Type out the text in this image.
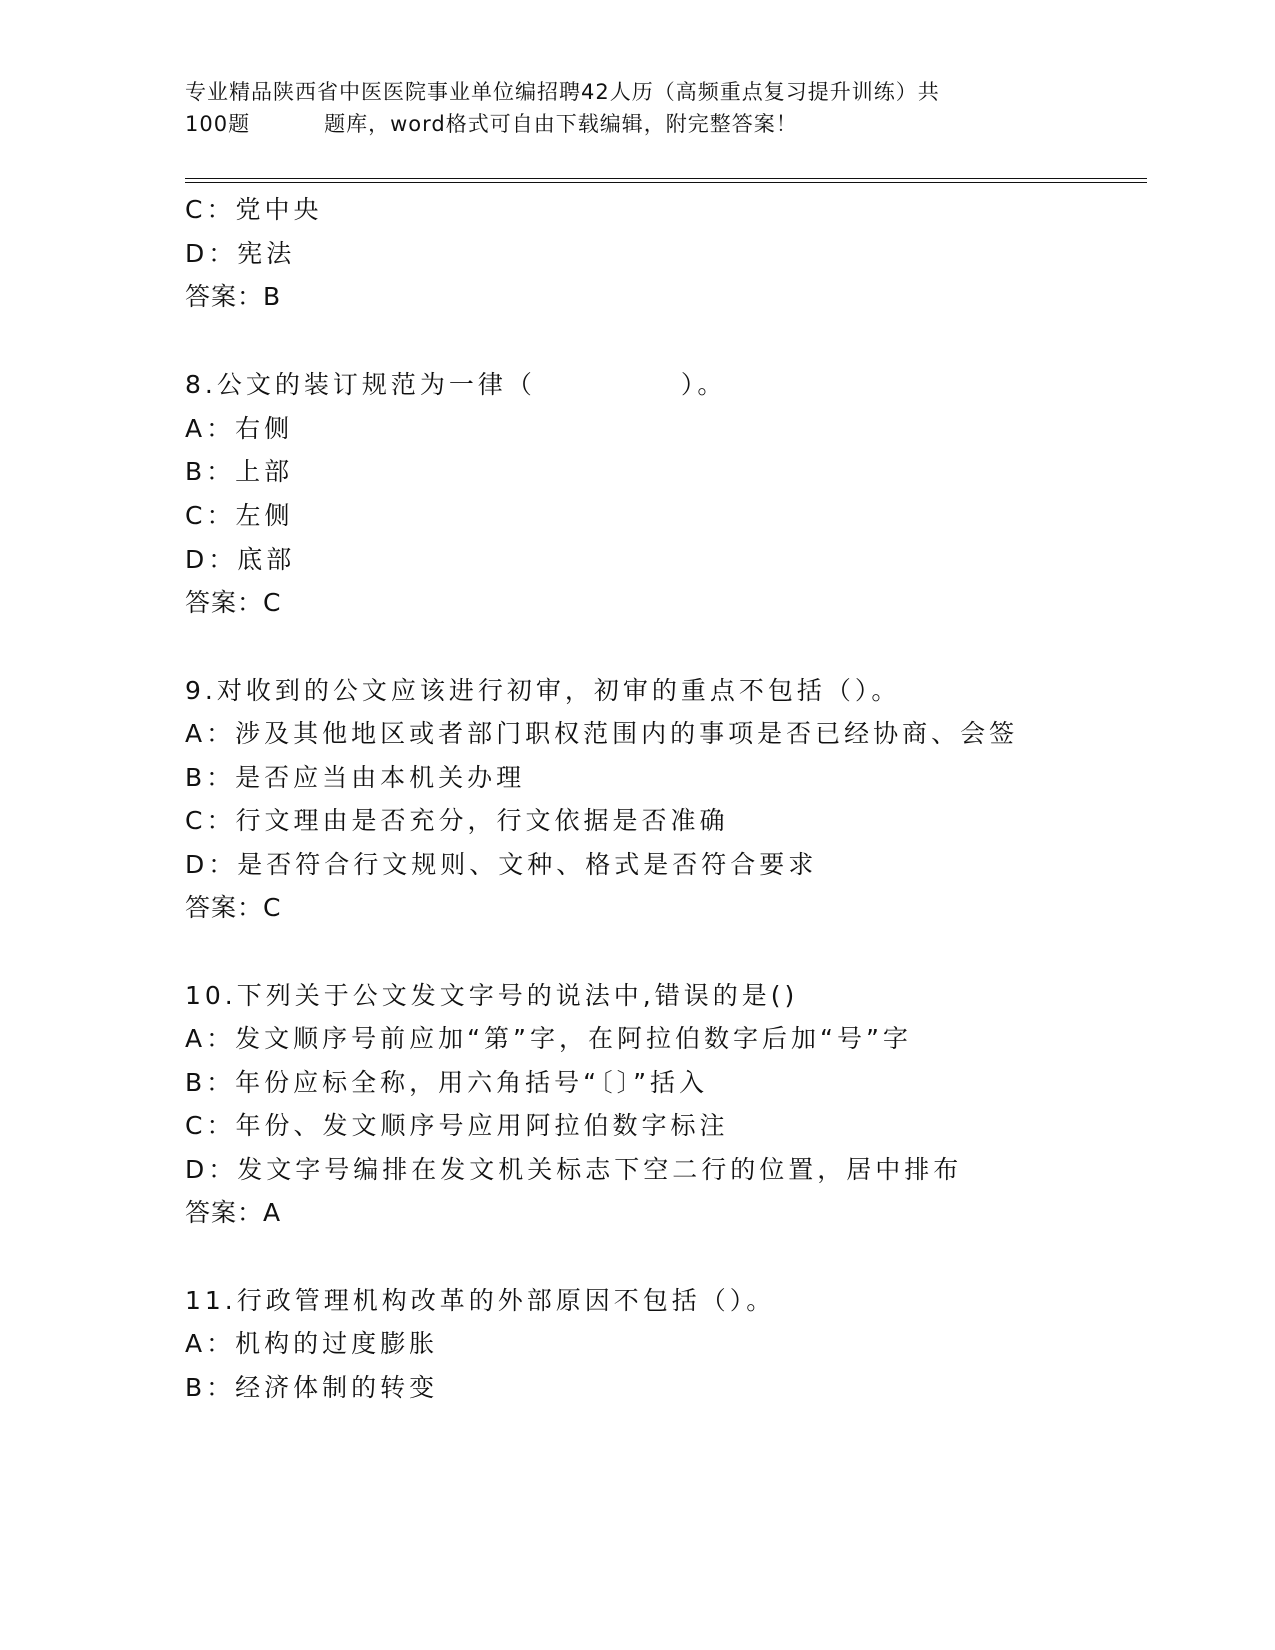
专业精品陕西省中医医院事业单位编招聘42人历（高频重点复习提升训练）共
100题	题库，word格式可自由下载编辑，附完整答案！
C：党中央
D：宪法
答案：B
8.公文的装订规范为一律（　　　　　）。
A：右侧
B：上部
C：左侧
D：底部
答案：C
9.对收到的公文应该进行初审，初审的重点不包括（）。
A：涉及其他地区或者部门职权范围内的事项是否已经协商、会签
B：是否应当由本机关办理
C：行文理由是否充分，行文依据是否准确
D：是否符合行文规则、文种、格式是否符合要求
答案：C
10.下列关于公文发文字号的说法中,错误的是()
A：发文顺序号前应加“第”字，在阿拉伯数字后加“号”字
B：年份应标全称，用六角括号“〔〕”括入
C：年份、发文顺序号应用阿拉伯数字标注
D：发文字号编排在发文机关标志下空二行的位置，居中排布
答案：A
11.行政管理机构改革的外部原因不包括（）。
A：机构的过度膨胀
B：经济体制的转变
